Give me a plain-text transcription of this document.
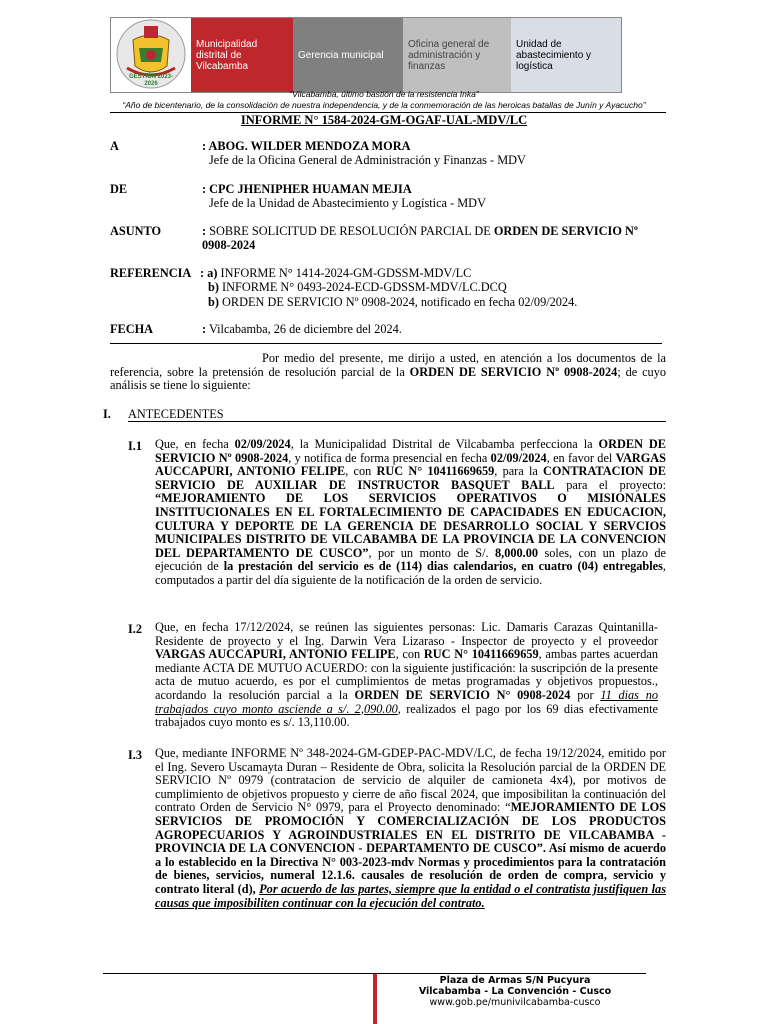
GESTIÓN 2023-2026
Municipalidad distrital de Vilcabamba
Gerencia municipal
Oficina general de administración y finanzas
Unidad de abastecimiento y logística
“Vilcabamba, último bastión de la resistencia Inka”
“Año de bicentenario, de la consolidación de nuestra independencia, y de la conmemoración de las heroicas batallas de Junín y Ayacucho”
INFORME N° 1584-2024-GM-OGAF-UAL-MDV/LC
A	: ABOG. WILDER MENDOZA MORA
Jefe de la Oficina General de Administración y Finanzas - MDV
DE	: CPC JHENIPHER HUAMAN MEJIA
Jefe de la Unidad de Abastecimiento y Logística - MDV
ASUNTO	: SOBRE SOLICITUD DE RESOLUCIÓN PARCIAL DE ORDEN DE SERVICIO Nº 0908-2024
REFERENCIA : a) INFORME N° 1414-2024-GM-GDSSM-MDV/LC
b) INFORME N° 0493-2024-ECD-GDSSM-MDV/LC.DCQ
b) ORDEN DE SERVICIO Nº 0908-2024, notificado en fecha 02/09/2024.
FECHA	: Vilcabamba, 26 de diciembre del 2024.
Por medio del presente, me dirijo a usted, en atención a los documentos de la referencia, sobre la pretensión de resolución parcial de la ORDEN DE SERVICIO Nº 0908-2024; de cuyo análisis se tiene lo siguiente:
I. ANTECEDENTES
I.1 Que, en fecha 02/09/2024, la Municipalidad Distrital de Vilcabamba perfecciona la ORDEN DE SERVICIO Nº 0908-2024, y notifica de forma presencial en fecha 02/09/2024, en favor del VARGAS AUCCAPURI, ANTONIO FELIPE, con RUC N° 10411669659, para la CONTRATACION DE SERVICIO DE AUXILIAR DE INSTRUCTOR BASQUET BALL para el proyecto: “MEJORAMIENTO DE LOS SERVICIOS OPERATIVOS O MISIONALES INSTITUCIONALES EN EL FORTALECIMIENTO DE CAPACIDADES EN EDUCACION, CULTURA Y DEPORTE DE LA GERENCIA DE DESARROLLO SOCIAL Y SERVCIOS MUNICIPALES DISTRITO DE VILCABAMBA DE LA PROVINCIA DE LA CONVENCION DEL DEPARTAMENTO DE CUSCO”, por un monto de S/. 8,000.00 soles, con un plazo de ejecución de la prestación del servicio es de (114) dias calendarios, en cuatro (04) entregables, computados a partir del día siguiente de la notificación de la orden de servicio.
I.2 Que, en fecha 17/12/2024, se reúnen las siguientes personas: Lic. Damaris Carazas Quintanilla- Residente de proyecto y el Ing. Darwin Vera Lizaraso - Inspector de proyecto y el proveedor VARGAS AUCCAPURI, ANTONIO FELIPE, con RUC N° 10411669659, ambas partes acuerdan mediante ACTA DE MUTUO ACUERDO: con la siguiente justificación: la suscripción de la presente acta de mutuo acuerdo, es por el cumplimientos de metas programadas y objetivos propuestos., acordando la resolución parcial a la ORDEN DE SERVICIO N° 0908-2024 por 11 dias no trabajados cuyo monto asciende a s/. 2,090.00, realizados el pago por los 69 dias efectivamente trabajados cuyo monto es s/. 13,110.00.
I.3 Que, mediante INFORME Nº 348-2024-GM-GDEP-PAC-MDV/LC, de fecha 19/12/2024, emitido por el Ing. Severo Uscamayta Duran – Residente de Obra, solicita la Resolución parcial de la ORDEN DE SERVICIO Nº 0979 (contratacion de servicio de alquiler de camioneta 4x4), por motivos de cumplimiento de objetivos propuesto y cierre de año fiscal 2024, que imposibilitan la continuación del contrato Orden de Servicio N° 0979, para el Proyecto denominado: “MEJORAMIENTO DE LOS SERVICIOS DE PROMOCIÓN Y COMERCIALIZACIÓN DE LOS PRODUCTOS AGROPECUARIOS Y AGROINDUSTRIALES EN EL DISTRITO DE VILCABAMBA - PROVINCIA DE LA CONVENCION - DEPARTAMENTO DE CUSCO”. Así mismo de acuerdo a lo establecido en la Directiva N° 003-2023-mdv Normas y procedimientos para la contratación de bienes, servicios, numeral 12.1.6. causales de resolución de orden de compra, servicio y contrato literal (d), Por acuerdo de las partes, siempre que la entidad o el contratista justifiquen las causas que imposibiliten continuar con la ejecución del contrato.
Plaza de Armas S/N Pucyura
Vilcabamba - La Convención - Cusco
www.gob.pe/munivilcabamba-cusco
